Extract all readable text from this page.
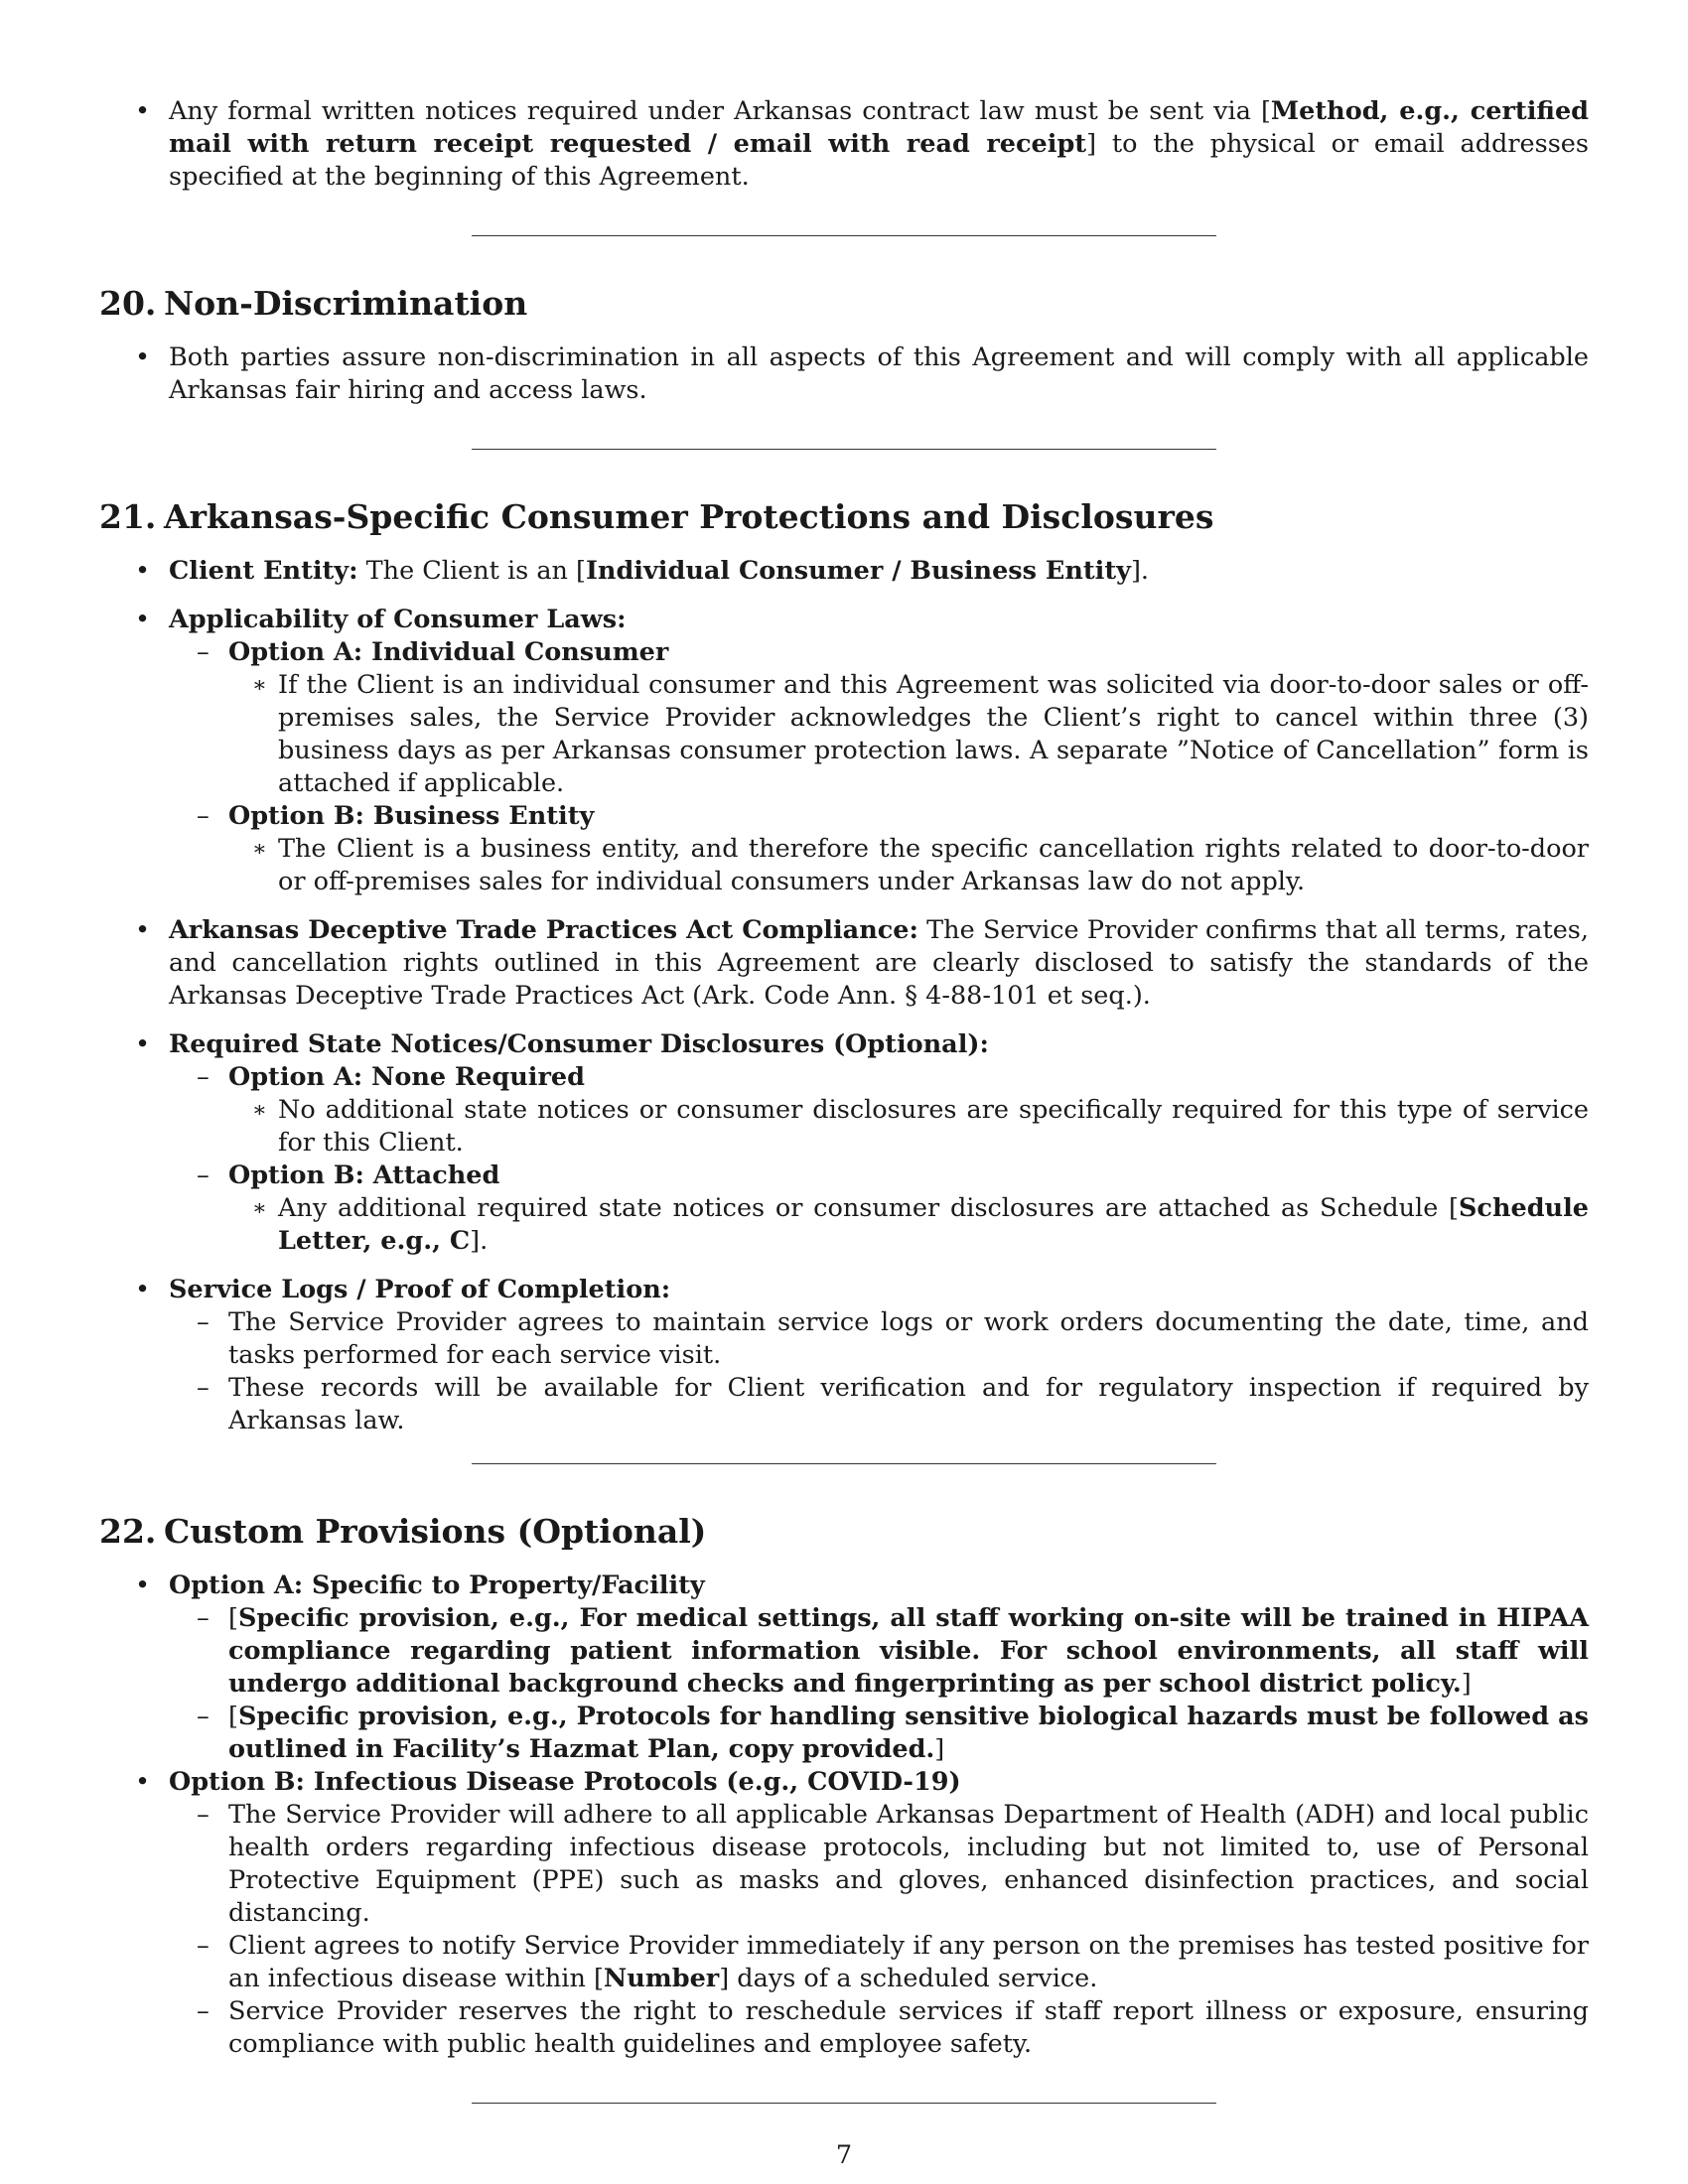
• Any formal written notices required under Arkansas contract law must be sent via [Method, e.g., certified mail with return receipt requested / email with read receipt] to the physical or email addresses specified at the beginning of this Agreement.
20. Non-Discrimination
• Both parties assure non-discrimination in all aspects of this Agreement and will comply with all applicable Arkansas fair hiring and access laws.
21. Arkansas-Specific Consumer Protections and Disclosures
• Client Entity: The Client is an [Individual Consumer / Business Entity].
• Applicability of Consumer Laws:
– Option A: Individual Consumer
∗ If the Client is an individual consumer and this Agreement was solicited via door-to-door sales or off-premises sales, the Service Provider acknowledges the Client’s right to cancel within three (3) business days as per Arkansas consumer protection laws. A separate ”Notice of Cancellation” form is attached if applicable.
– Option B: Business Entity
∗ The Client is a business entity, and therefore the specific cancellation rights related to door-to-door or off-premises sales for individual consumers under Arkansas law do not apply.
• Arkansas Deceptive Trade Practices Act Compliance: The Service Provider confirms that all terms, rates, and cancellation rights outlined in this Agreement are clearly disclosed to satisfy the standards of the Arkansas Deceptive Trade Practices Act (Ark. Code Ann. § 4-88-101 et seq.).
• Required State Notices/Consumer Disclosures (Optional):
– Option A: None Required
∗ No additional state notices or consumer disclosures are specifically required for this type of service for this Client.
– Option B: Attached
∗ Any additional required state notices or consumer disclosures are attached as Schedule [Schedule Letter, e.g., C].
• Service Logs / Proof of Completion:
– The Service Provider agrees to maintain service logs or work orders documenting the date, time, and tasks performed for each service visit.
– These records will be available for Client verification and for regulatory inspection if required by Arkansas law.
22. Custom Provisions (Optional)
• Option A: Specific to Property/Facility
– [Specific provision, e.g., For medical settings, all staff working on-site will be trained in HIPAA compliance regarding patient information visible. For school environments, all staff will undergo additional background checks and fingerprinting as per school district policy.]
– [Specific provision, e.g., Protocols for handling sensitive biological hazards must be followed as outlined in Facility’s Hazmat Plan, copy provided.]
• Option B: Infectious Disease Protocols (e.g., COVID-19)
– The Service Provider will adhere to all applicable Arkansas Department of Health (ADH) and local public health orders regarding infectious disease protocols, including but not limited to, use of Personal Protective Equipment (PPE) such as masks and gloves, enhanced disinfection practices, and social distancing.
– Client agrees to notify Service Provider immediately if any person on the premises has tested positive for an infectious disease within [Number] days of a scheduled service.
– Service Provider reserves the right to reschedule services if staff report illness or exposure, ensuring compliance with public health guidelines and employee safety.
7
